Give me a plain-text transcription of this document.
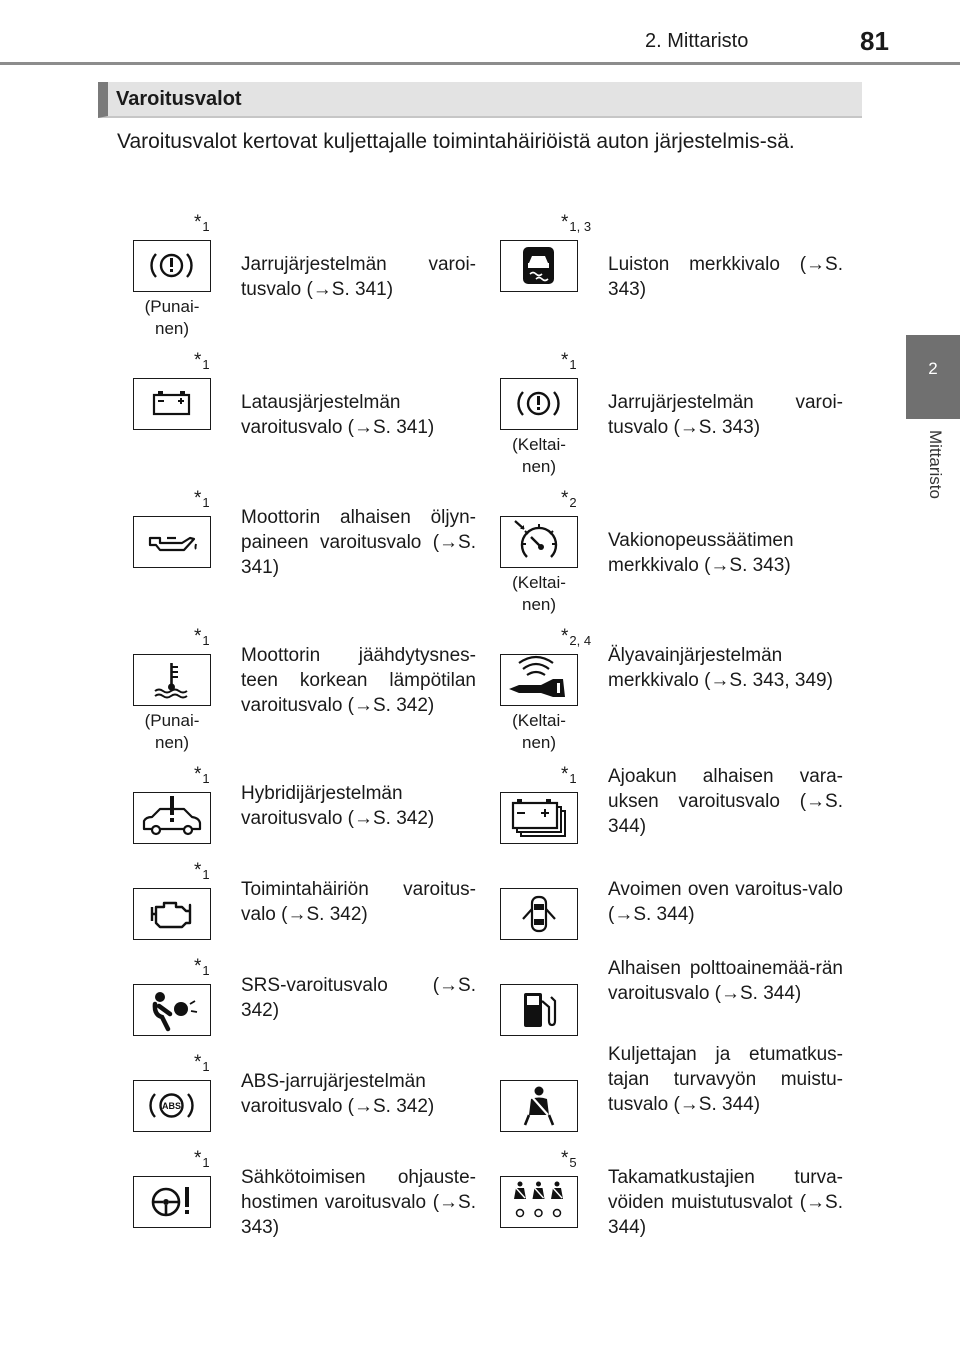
2. Mittaristo	81
2
Mittaristo
Varoitusvalot
Varoitusvalot kertovat kuljettajalle toimintahäiriöistä auton järjestelmis-sä.
$*_1$
(Punai-nen)
Jarrujärjestelmän varoi-tusvalo (→S. 341)
$*_1$
Latausjärjestelmän varoitusvalo (→S. 341)
$*_1$
Moottorin alhaisen öljyn-paineen varoitusvalo (→S. 341)
$*_1$
(Punai-nen)
Moottorin jäähdytysnes-teen korkean lämpötilan varoitusvalo (→S. 342)
$*_1$
Hybridijärjestelmän varoitusvalo (→S. 342)
$*_1$
Toimintahäiriön varoitus-valo (→S. 342)
$*_1$
SRS-varoitusvalo (→S. 342)
$*_1$
ABS
ABS-jarrujärjestelmän varoitusvalo (→S. 342)
$*_1$
Sähkötoimisen ohjauste-hostimen varoitusvalo (→S. 343)
$*_{1, 3}$
Luiston merkkivalo (→S. 343)
$*_1$
(Keltai-nen)
Jarrujärjestelmän varoi-tusvalo (→S. 343)
$*_2$
(Keltai-nen)
Vakionopeussäätimen merkkivalo (→S. 343)
$*_{2, 4}$
(Keltai-nen)
Älyavainjärjestelmän merkkivalo (→S. 343, 349)
$*_1$	Ajoakun alhaisen vara-uksen varoitusvalo (→S. 344)
Avoimen oven varoitus-valo (→S. 344)
Alhaisen polttoainemää-rän varoitusvalo (→S. 344)
Kuljettajan ja etumatkus-tajan turvavyön muistu-tusvalo (→S. 344)
$*_5$
Takamatkustajien turva-vöiden muistutusvalot (→S. 344)
